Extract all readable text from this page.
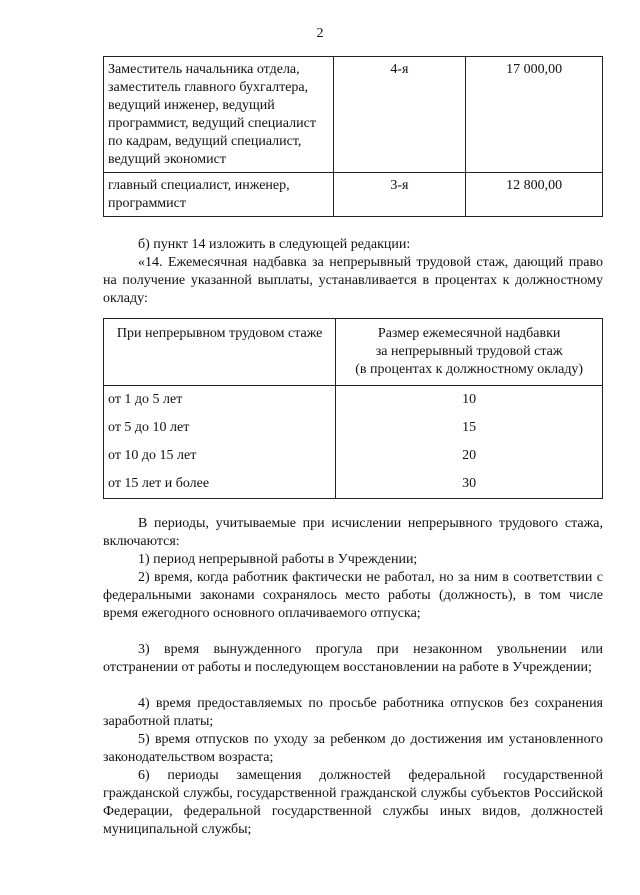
2
Заместитель начальника отдела, заместитель главного бухгалтера, ведущий инженер, ведущий программист, ведущий специалист по кадрам, ведущий специалист, ведущий экономист	4-я	17 000,00
главный специалист, инженер, программист	3-я	12 800,00
б) пункт 14 изложить в следующей редакции:
«14. Ежемесячная надбавка за непрерывный трудовой стаж, дающий право на получение указанной выплаты, устанавливается в процентах к должностному окладу:
При непрерывном трудовом стаже	Размер ежемесячной надбавки
за непрерывный трудовой стаж
(в процентах к должностному окладу)

от 1 до 5 лет	10
от 5 до 10 лет	15
от 10 до 15 лет	20
от 15 лет и более	30
В периоды, учитываемые при исчислении непрерывного трудового стажа, включаются:
1) период непрерывной работы в Учреждении;
2) время, когда работник фактически не работал, но за ним в соответствии с федеральными законами сохранялось место работы (должность), в том числе время ежегодного основного оплачиваемого отпуска;
3) время вынужденного прогула при незаконном увольнении или отстранении от работы и последующем восстановлении на работе в Учреждении;
4) время предоставляемых по просьбе работника отпусков без сохранения заработной платы;
5) время отпусков по уходу за ребенком до достижения им установленного законодательством возраста;
6) периоды замещения должностей федеральной государственной гражданской службы, государственной гражданской службы субъектов Российской Федерации, федеральной государственной службы иных видов, должностей муниципальной службы;
